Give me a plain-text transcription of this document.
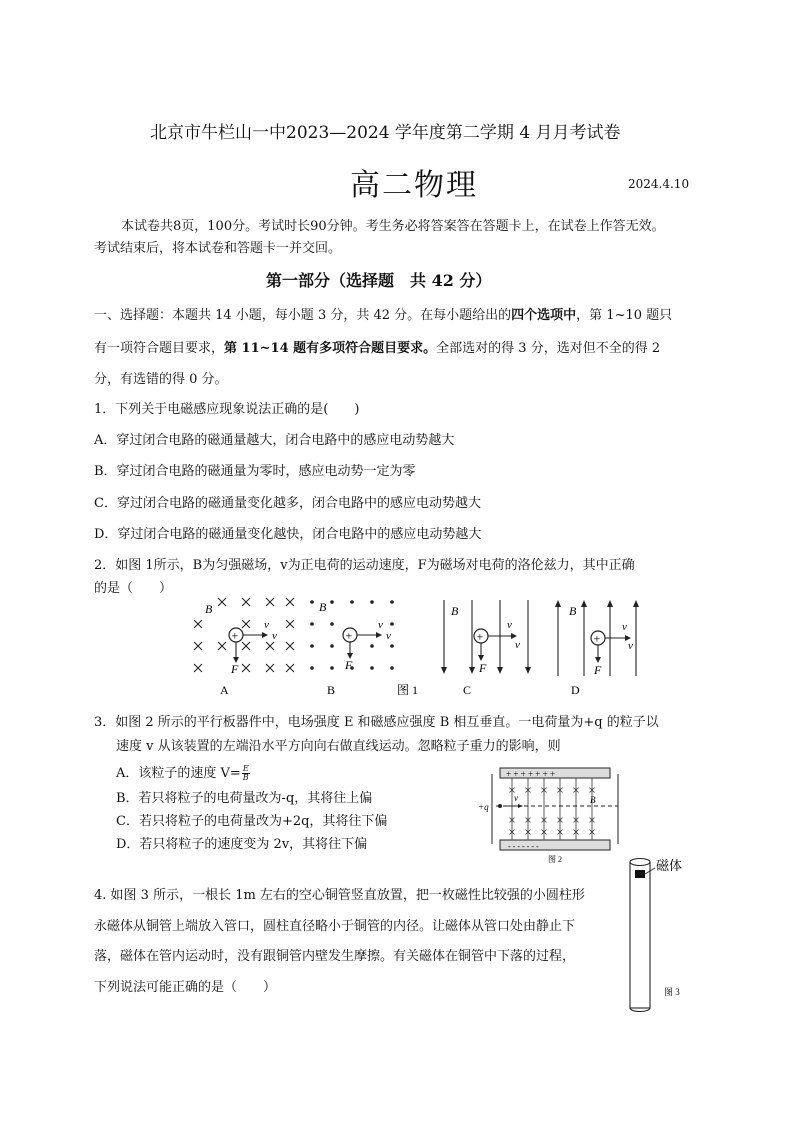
北京市牛栏山一中2023—2024 学年度第二学期 4 月月考试卷
高二物理	2024.4.10
本试卷共8页，100分。考试时长90分钟。考生务必将答案答在答题卡上，在试卷上作答无效。
考试结束后，将本试卷和答题卡一并交回。
第一部分（选择题　共 42 分）
一、选择题：本题共 14 小题，每小题 3 分，共 42 分。在每小题给出的四个选项中，第 1~10 题只
有一项符合题目要求，第 11~14 题有多项符合题目要求。全部选对的得 3 分，选对但不全的得 2
分，有选错的得 0 分。
1．下列关于电磁感应现象说法正确的是(　　)
A．穿过闭合电路的磁通量越大，闭合电路中的感应电动势越大
B．穿过闭合电路的磁通量为零时，感应电动势一定为零
C．穿过闭合电路的磁通量变化越多，闭合电路中的感应电动势越大
D．穿过闭合电路的磁通量变化越快，闭合电路中的感应电动势越大
2．如图 1所示，B为匀强磁场，v为正电荷的运动速度，F为磁场对电荷的洛伦兹力，其中正确
的是（　　）
B
+
v
v
F
A
B
+
v
v
F
B	图 1
B
+
v
v
F
C
B
+
v
v
F
D
3．如图 2 所示的平行板器件中，电场强度 E 和磁感应强度 B 相互垂直。一电荷量为+q 的粒子以
速度 v 从该装置的左端沿水平方向向右做直线运动。忽略粒子重力的影响，则
A．该粒子的速度 $V= \frac{E}{B}$
B．若只将粒子的电荷量改为-q，其将往上偏
C．若只将粒子的电荷量改为+2q，其将往下偏
D．若只将粒子的速度变为 2v，其将往下偏
+ + + + + + +
- - - - - - -
+q
v	B
图 2
4. 如图 3 所示，一根长 1m 左右的空心铜管竖直放置，把一枚磁性比较强的小圆柱形
永磁体从铜管上端放入管口，圆柱直径略小于铜管的内径。让磁体从管口处由静止下
落，磁体在管内运动时，没有跟铜管内壁发生摩擦。有关磁体在铜管中下落的过程，
下列说法可能正确的是（　　）
磁体
图 3
